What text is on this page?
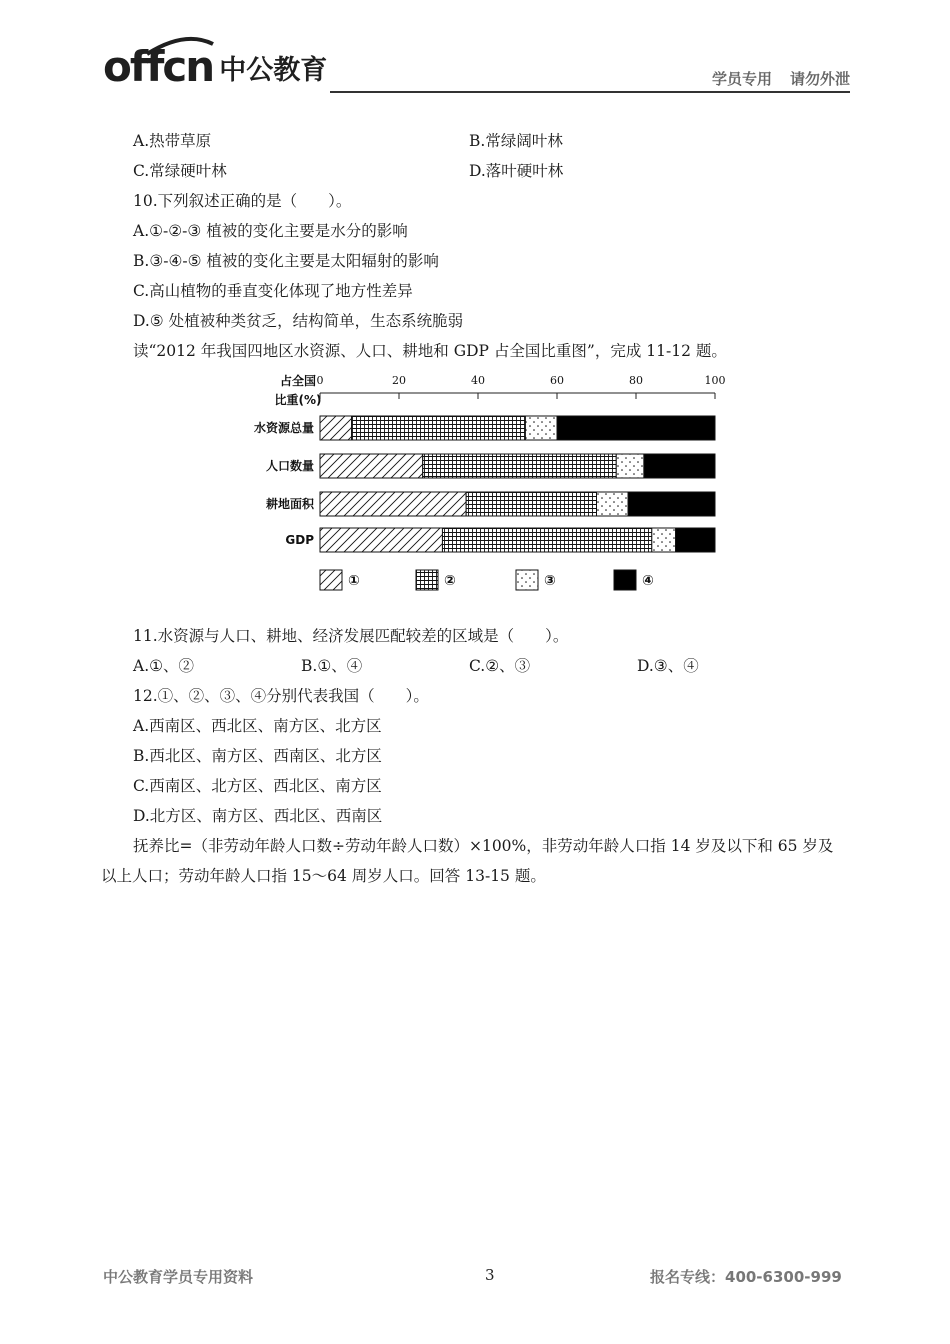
offcn 中公教育	学员专用 请勿外泄
A.热带草原	B.常绿阔叶林
C.常绿硬叶林	D.落叶硬叶林
10.下列叙述正确的是（　　）。
A.①-②-③ 植被的变化主要是水分的影响
B.③-④-⑤ 植被的变化主要是太阳辐射的影响
C.高山植物的垂直变化体现了地方性差异
D.⑤ 处植被种类贫乏，结构简单，生态系统脆弱
读“2012 年我国四地区水资源、人口、耕地和 GDP 占全国比重图”，完成 11-12 题。
占全国
比重(%)
0	20	40	60	80	100
水资源总量
人口数量
耕地面积
GDP
①	②	③	④
11.水资源与人口、耕地、经济发展匹配较差的区域是（　　）。
A.①、②	B.①、④	C.②、③	D.③、④
12.①、②、③、④分别代表我国（　　）。
A.西南区、西北区、南方区、北方区
B.西北区、南方区、西南区、北方区
C.西南区、北方区、西北区、南方区
D.北方区、南方区、西北区、西南区
抚养比=（非劳动年龄人口数÷劳动年龄人口数）×100%，非劳动年龄人口指 14 岁及以下和 65 岁及
以上人口；劳动年龄人口指 15～64 周岁人口。回答 13-15 题。
中公教育学员专用资料	3	报名专线：400-6300-999
